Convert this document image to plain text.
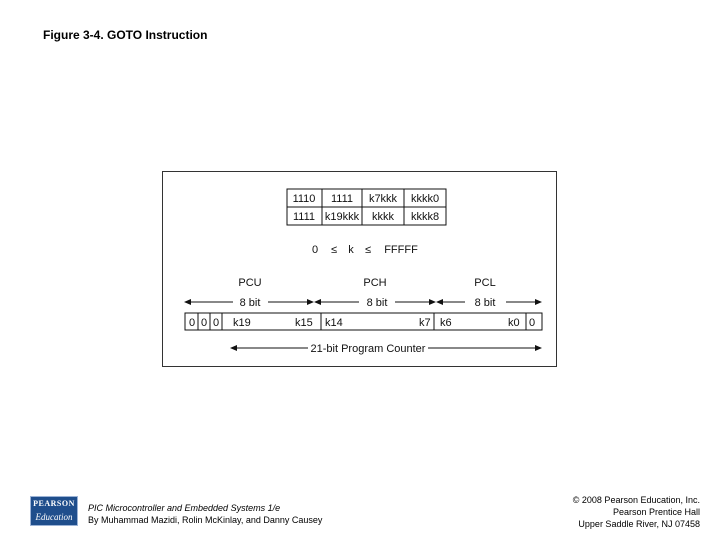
Figure 3-4. GOTO Instruction
1110 1111 k7kkk kkkk0
1111 k19kkk kkkk kkkk8
0 ≤ k ≤ FFFFF
PCU	PCH	PCL
8 bit	8 bit	8 bit
0 0 0 k19	k15 k14	k7 k6	k0 0
21-bit Program Counter
PEARSON
Education
PIC Microcontroller and Embedded Systems 1/e
By Muhammad Mazidi, Rolin McKinlay, and Danny Causey
© 2008 Pearson Education, Inc.
Pearson Prentice Hall
Upper Saddle River, NJ 07458
